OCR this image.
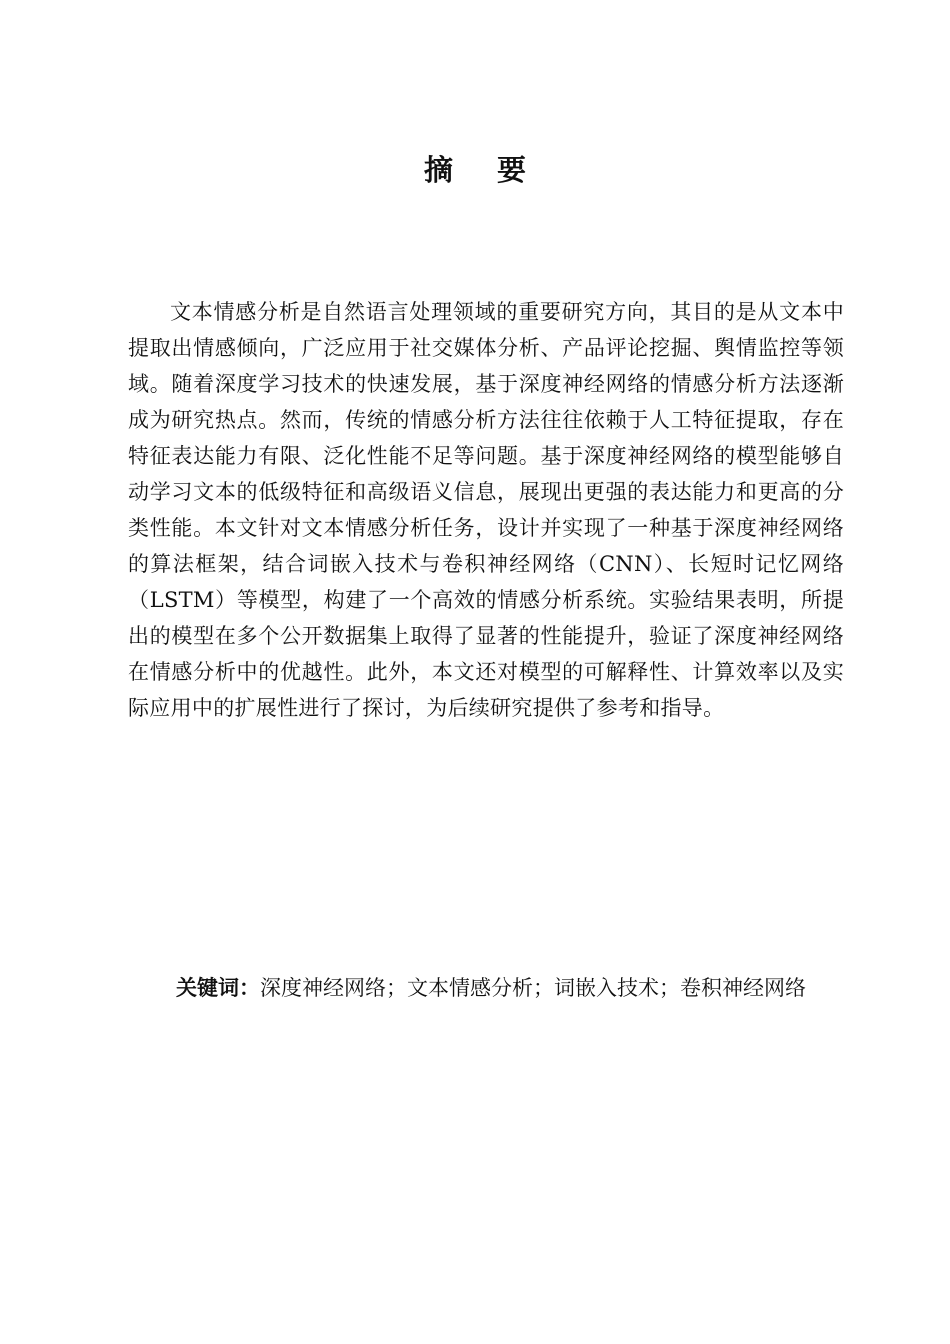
摘 要

文本情感分析是自然语言处理领域的重要研究方向，其目的是从文本中提取出情感倾向，广泛应用于社交媒体分析、产品评论挖掘、舆情监控等领域。随着深度学习技术的快速发展，基于深度神经网络的情感分析方法逐渐成为研究热点。然而，传统的情感分析方法往往依赖于人工特征提取，存在特征表达能力有限、泛化性能不足等问题。基于深度神经网络的模型能够自动学习文本的低级特征和高级语义信息，展现出更强的表达能力和更高的分类性能。本文针对文本情感分析任务，设计并实现了一种基于深度神经网络的算法框架，结合词嵌入技术与卷积神经网络（CNN）、长短时记忆网络（LSTM）等模型，构建了一个高效的情感分析系统。实验结果表明，所提出的模型在多个公开数据集上取得了显著的性能提升，验证了深度神经网络在情感分析中的优越性。此外，本文还对模型的可解释性、计算效率以及实际应用中的扩展性进行了探讨，为后续研究提供了参考和指导。

关键词：深度神经网络；文本情感分析；词嵌入技术；卷积神经网络
